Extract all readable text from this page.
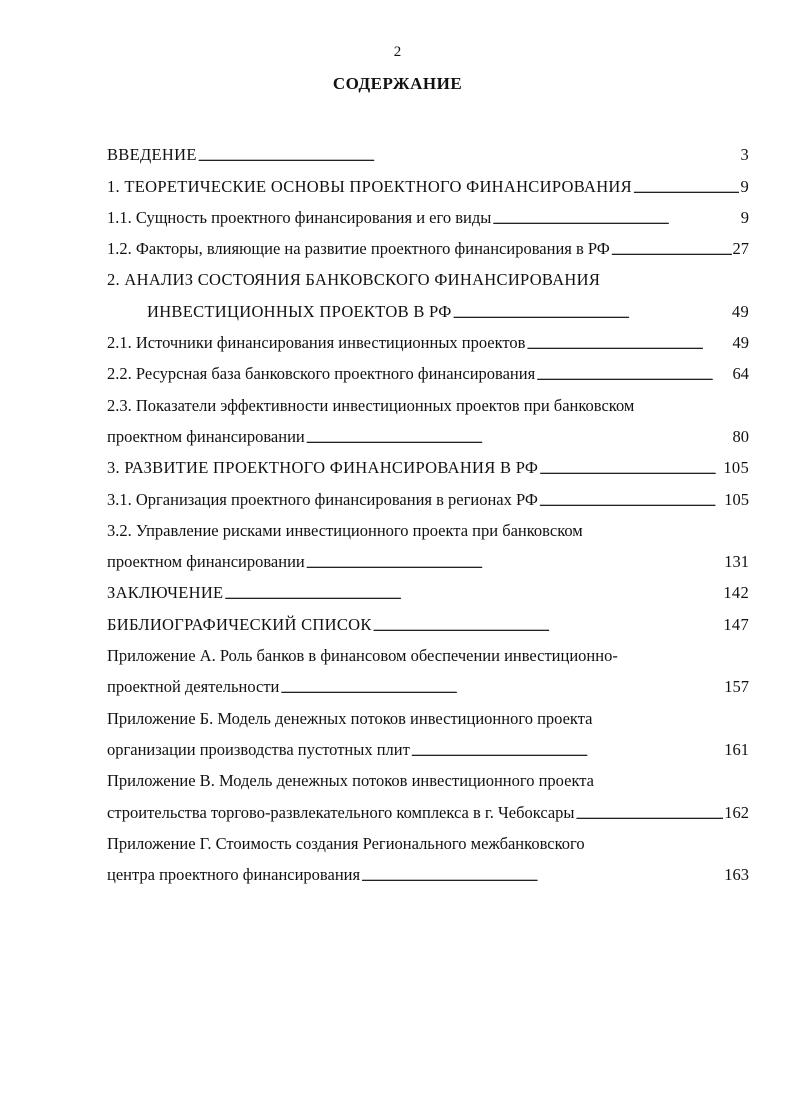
2
СОДЕРЖАНИЕ
ВВЕДЕНИЕ . . .	3
1. ТЕОРЕТИЧЕСКИЕ ОСНОВЫ ПРОЕКТНОГО ФИНАНСИРОВАНИЯ . . .	9
1.1. Сущность проектного финансирования и его виды . . .	9
1.2. Факторы, влияющие на развитие проектного финансирования в РФ . . .	27
2. АНАЛИЗ СОСТОЯНИЯ БАНКОВСКОГО ФИНАНСИРОВАНИЯ
ИНВЕСТИЦИОННЫХ ПРОЕКТОВ В РФ . . .	49
2.1. Источники финансирования инвестиционных проектов . . .	49
2.2. Ресурсная база банковского проектного финансирования . . .	64
2.3. Показатели эффективности инвестиционных проектов при банковском
проектном финансировании . . .	80
3. РАЗВИТИЕ ПРОЕКТНОГО ФИНАНСИРОВАНИЯ В РФ . . .	105
3.1. Организация проектного финансирования в регионах РФ . . .	105
3.2. Управление рисками инвестиционного проекта при банковском
проектном финансировании . . .	131
ЗАКЛЮЧЕНИЕ . . .	142
БИБЛИОГРАФИЧЕСКИЙ СПИСОК . . .	147
Приложение А. Роль банков в финансовом обеспечении инвестиционно-
проектной деятельности . . .	157
Приложение Б. Модель денежных потоков инвестиционного проекта
организации производства пустотных плит . . .	161
Приложение В. Модель денежных потоков инвестиционного проекта
строительства торгово-развлекательного комплекса в г. Чебоксары . . .	162
Приложение Г. Стоимость создания Регионального межбанковского
центра проектного финансирования . . .	163
